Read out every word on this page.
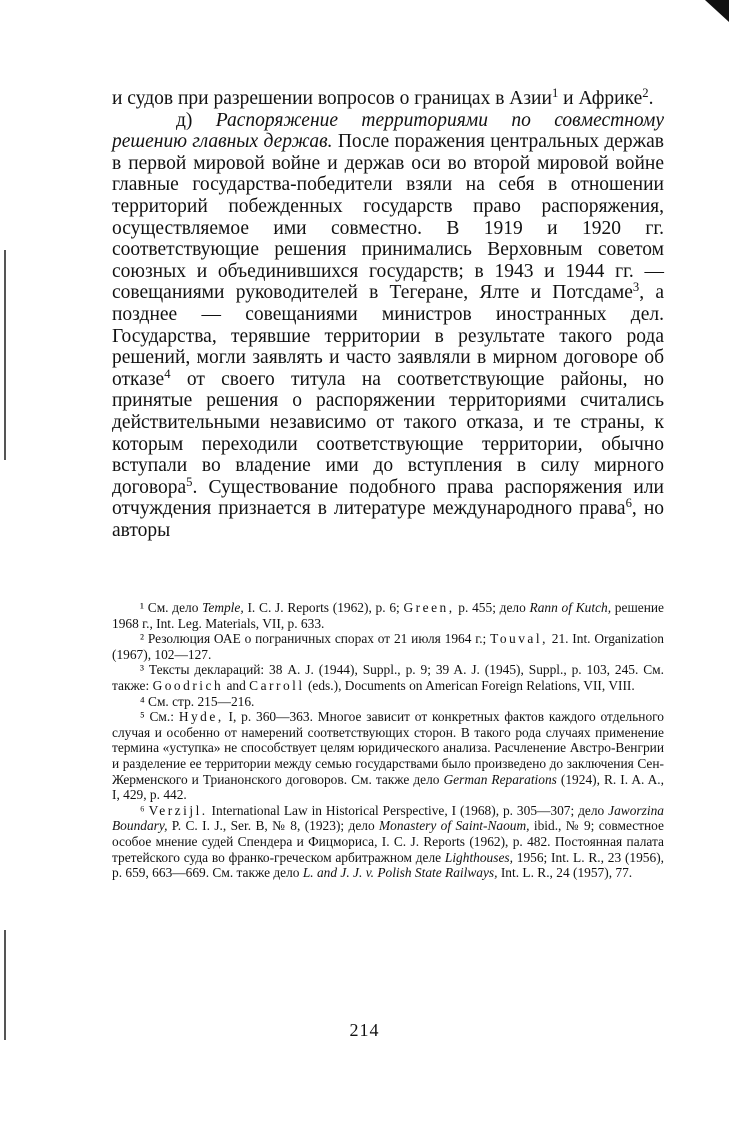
и судов при разрешении вопросов о границах в Азии$^1$ и Африке$^2$.

д) Распоряжение территориями по совместному решению главных держав. После поражения центральных держав в первой мировой войне и держав оси во второй мировой войне главные государства-победители взяли на себя в отношении территорий побежденных государств право распоряжения, осуществляемое ими совместно. В 1919 и 1920 гг. соответствующие решения принимались Верховным советом союзных и объединившихся государств; в 1943 и 1944 гг. — совещаниями руководителей в Тегеране, Ялте и Потсдаме$^3$, а позднее — совещаниями министров иностранных дел. Государства, терявшие территории в результате такого рода решений, могли заявлять и часто заявляли в мирном договоре об отказе$^4$ от своего титула на соответствующие районы, но принятые решения о распоряжении территориями считались действительными независимо от такого отказа, и те страны, к которым переходили соответствующие территории, обычно вступали во владение ими до вступления в силу мирного договора$^5$. Существование подобного права распоряжения или отчуждения признается в литературе международного права$^6$, но авторы

¹ См. дело Temple, I. C. J. Reports (1962), p. 6; Green, p. 455; дело Rann of Kutch, решение 1968 г., Int. Leg. Materials, VII, p. 633.
² Резолюция ОАЕ о пограничных спорах от 21 июля 1964 г.; Touval, 21. Int. Organization (1967), 102—127.
³ Тексты деклараций: 38 A. J. (1944), Suppl., p. 9; 39 A. J. (1945), Suppl., p. 103, 245. См. также: Goodrich and Carroll (eds.), Documents on American Foreign Relations, VII, VIII.
⁴ См. стр. 215—216.
⁵ См.: Hyde, I, p. 360—363. Многое зависит от конкретных фактов каждого отдельного случая и особенно от намерений соответствующих сторон. В такого рода случаях применение термина «уступка» не способствует целям юридического анализа. Расчленение Австро-Венгрии и разделение ее территории между семью государствами было произведено до заключения Сен-Жерменского и Трианонского договоров. См. также дело German Reparations (1924), R. I. A. A., I, 429, p. 442.
⁶ Verzijl. International Law in Historical Perspective, I (1968), p. 305—307; дело Jaworzina Boundary, P. C. I. J., Ser. B, № 8, (1923); дело Monastery of Saint-Naoum, ibid., № 9; совместное особое мнение судей Спендера и Фицмориса, I. C. J. Reports (1962), p. 482. Постоянная палата третейского суда во франко-греческом арбитражном деле Lighthouses, 1956; Int. L. R., 23 (1956), p. 659, 663—669. См. также дело L. and J. J. v. Polish State Railways, Int. L. R., 24 (1957), 77.
214
